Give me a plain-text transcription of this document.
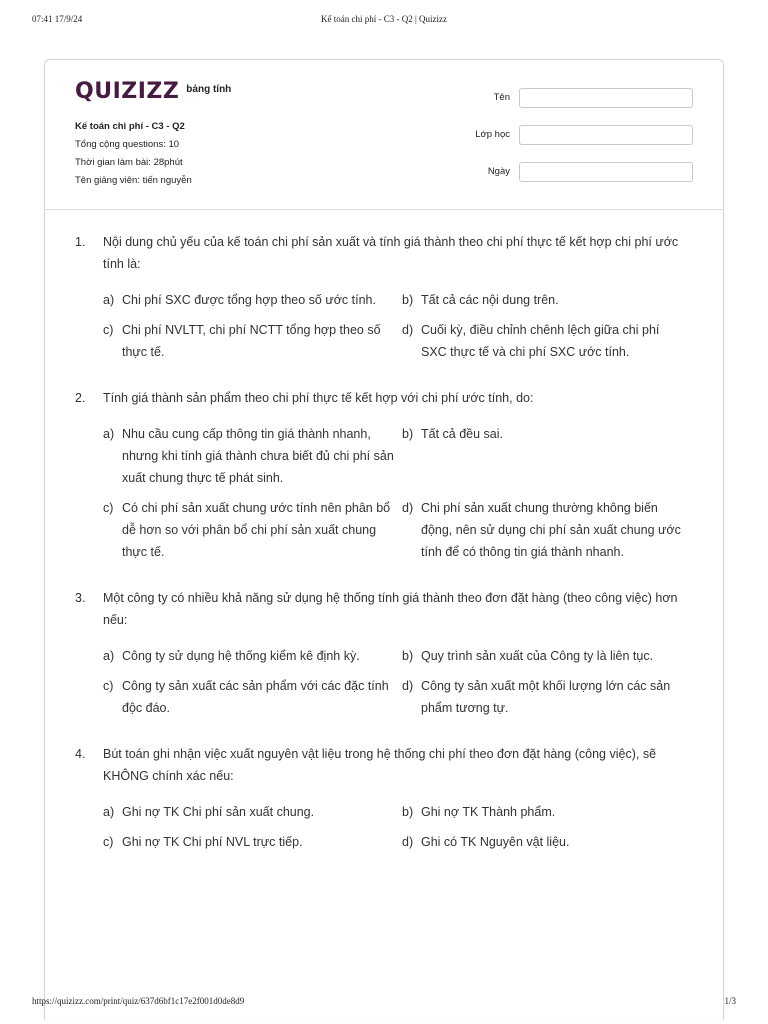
07:41 17/9/24	Kế toán chi phí - C3 - Q2 | Quizizz
QUIZIZZ bảng tính
Kế toán chi phí - C3 - Q2
Tổng cộng questions: 10
Thời gian làm bài: 28phút
Tên giảng viên: tiến nguyễn
Tên
Lớp học
Ngày
1.	Nội dung chủ yếu của kế toán chi phí sản xuất và tính giá thành theo chi phí thực tế kết hợp chi phí ước tính là:
a) Chi phí SXC được tổng hợp theo số ước tính.	b) Tất cả các nội dung trên.
c) Chi phí NVLTT, chi phí NCTT tổng hợp theo số thực tế.
d) Cuối kỳ, điều chỉnh chênh lệch giữa chi phí SXC thực tế và chi phí SXC ước tính.
2.	Tính giá thành sản phẩm theo chi phí thực tế kết hợp với chi phí ước tính, do:
a) Nhu cầu cung cấp thông tin giá thành nhanh, nhưng khi tính giá thành chưa biết đủ chi phí sản xuất chung thực tế phát sinh.
b) Tất cả đều sai.
c) Có chi phí sản xuất chung ước tính nên phân bổ dễ hơn so với phân bổ chi phí sản xuất chung thực tế.
d) Chi phí sản xuất chung thường không biến động, nên sử dụng chi phí sản xuất chung ước tính để có thông tin giá thành nhanh.
3.	Một công ty có nhiều khả năng sử dụng hệ thống tính giá thành theo đơn đặt hàng (theo công việc) hơn nếu:
a) Công ty sử dụng hệ thống kiểm kê định kỳ.	b) Quy trình sản xuất của Công ty là liên tục.
c) Công ty sản xuất các sản phẩm với các đặc tính độc đáo.
d) Công ty sản xuất một khối lượng lớn các sản phẩm tương tự.
4.	Bút toán ghi nhận việc xuất nguyên vật liệu trong hệ thống chi phí theo đơn đặt hàng (công việc), sẽ KHÔNG chính xác nếu:
a) Ghi nợ TK Chi phí sản xuất chung.	b) Ghi nợ TK Thành phẩm.
c) Ghi nợ TK Chi phí NVL trực tiếp.	d) Ghi có TK Nguyên vật liệu.
https://quizizz.com/print/quiz/637d6bf1c17e2f001d0de8d9	1/3
